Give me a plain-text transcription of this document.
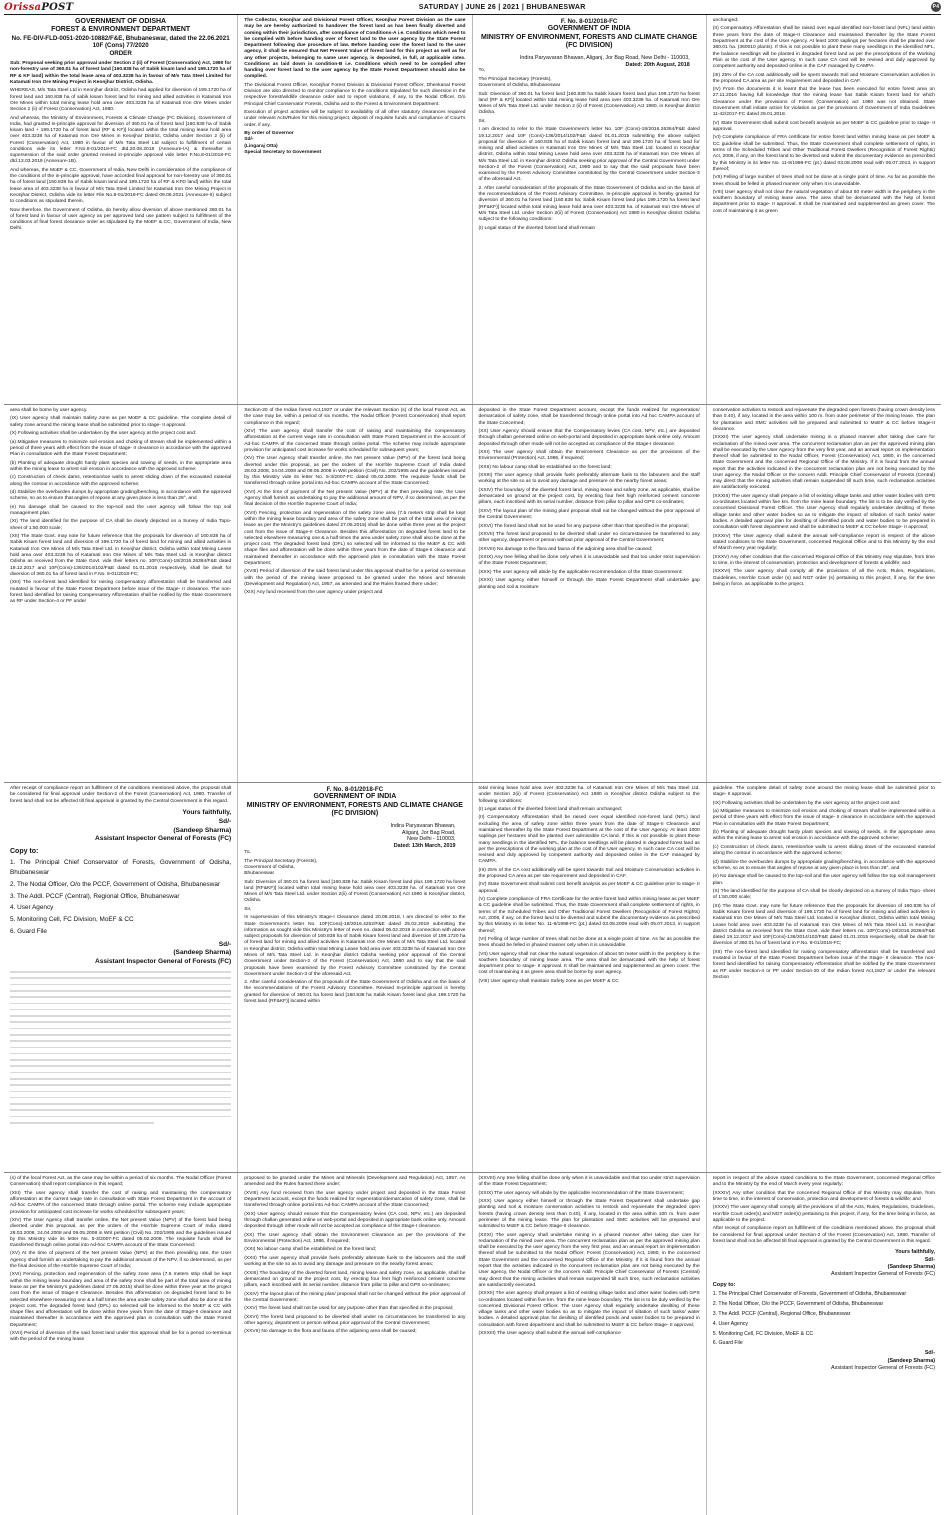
OrissaPOST	SATURDAY | JUNE 26 | 2021 | BHUBANESWAR	P4
GOVERNMENT OF ODISHA
FOREST & ENVIRONMENT DEPARTMENT
No. FE-DIV-FLD-0051-2020-10882/F&E, Bhubaneswar, dated the 22.06.2021 10F (Cons) 77/2020
ORDER

Sub: Proposal seeking prior approval under Section 2 (ii) of Forest (Conservation) Act, 1980 for non-forestry use of 360.01 ha of forest land [160.838 ha of Sabik kisam land and 199.1720 ha of RF & KF land] within the total lease area of 403.3238 ha in favour of M/s Tata Steel Limited for Katamati Iron Ore Mining Project in Keonjhar District, Odisha.

WHEREAS, M/s Tata Steel Ltd in Keonjhar district, Odisha had applied for diversion of 199.1720 ha of forest land and 160.838 ha of sabik kisam forest land for mining and allied activities in Katamati Iron Ore Mines within total mining lease hold area over 403.3238 ha of Katamati Iron Ore Mines under Section 2 (ii) of Forest (Conservation) Act, 1980.

And whereas, the Ministry of Environment, Forests & Climate Change (FC Division), Government of India, had granted in-principle approval for diversion of 360.01 ha of forest land [160.838 ha of Sabik kisam land + 199.1720 ha of forest land (RF & KF)] located within the total mining lease hold area over 403.3238 ha of Katamati Iron Ore Mines in Keonjhar District, Odisha under Section 2 (ii) of Forest (Conservation) Act, 1980 in favour of M/s Tata Steel Ltd subject to fulfillment of certain conditions vide its letter F.No.8-01/2018-FC dtd.20.08.2018 (Annexure-IA) & thereafter in supersession of the said order granted revised in-principle approval vide letter F.No.8-01/2018-FC dtd.13.03.2019 (Annexure-1B).

And whereas, the MoEF & CC, Government of India, New Delhi in consideration of the compliance of the conditions of the in-principle approval, have accorded final approval for non-forestry use of 360.01 ha of forest land [160.838 ha of Sabik kisam land and 199.1720 ha of RF & KFD land] within the total lease area of 403.3238 ha in favour of M/s Tata Steel Limited for Katamati Iron Ore Mining Project in Keonjhar District, Odisha vide its letter File No.8-01/2018-FC dated 09.06.2021 (Annexure-II) subject to conditions as stipulated therein.

Now therefore, the Government of Odisha, do hereby allow diversion of above mentioned 360.01 ha of forest land in favour of user agency as per approved land use pattern subject to fulfillment of the conditions of final forest clearance order as stipulated by the MoEF & CC, Government of India, New Delhi.

The Collector, Keonjhar and Divisional Forest Officer, Keonjhar Forest Division as the case may be are hereby authorized to handover the forest land as has been finally diverted and coming within their jurisdiction, after compliance of Conditions-A i.e. Conditions which need to be complied with before handing over of forest land to the user agency by the State Forest Department following due procedure of law. Before handing over the forest land to the user agency, it shall be ensured that Net Present Value of forest land for this project as well as for any other projects, belonging to same user agency, is deposited, in full, at applicable rates. Conditions as laid down in condition-B i.e. Conditions which need to be complied after handing over forest land to the user agency by the State Forest Department should also be complied.

The Divisional Forest Officer, Keonjhar Forest Division & Divisional Forest Officer, Dhenkanal Forest Division are also directed to monitor compliance to the conditions stipulated for such diversion in the respective forest/wildlife clearance order and to report violations, if any, to the Nodal Officer, O/o Principal Chief Conservator Forests, Odisha and to the Forest & Environment Department.

Execution of project activities will be subject to availability of all other statutory clearances required under relevant Acts/Rules for this mining project, deposit of requisite funds and compliance of Court's order, if any.

By order of Governor

Sd/-

(Lingaraj Otta)

Special Secretary to Government

F. No. 8-01/2018-FC
GOVERNMENT OF INDIA
MINISTRY OF ENVIRONMENT, FORESTS AND CLIMATE CHANGE (FC DIVISION)
Indira Paryavaran Bhawan, Aliganj, Jor Bag Road, New Delhi - 110003,
Dated: 20th August, 2018

To,

The Principal Secretary (Forests),

Government of Odisha, Bhubaneswar

Sub: Diversion of 360.01 ha forest land [160.838 ha Sabik kisam forest land plus 199.1720 ha forest land (RF & KF)] located within total mining lease hold area over 403.3238 ha. of Katamati Iron Ore Mines of M/s Tata Steel Ltd. under Section 2 (ii) of Forest (Conservation) Act 1980, in Keonjhar district Odisha.

Sir,

I am directed to refer to the State Government's letter No. 10F (Cons)-18/2016.26364/F&E dated 19.12.2017 and 10F (Cons)-136/2014/102/F&E dated 01.01.2015 submitting the above subject proposal for diversion of 160.838 ha of Sabik kisam forest land and 199.1720 ha of forest land for mining and allied activities in Katamati Iron Ore Mines of M/s Tata Steel Ltd. located in Keonjhar district, Odisha within total Mining Lease hold area over 403.3238 ha of Katamati Iron Ore Mines of M/s Tata Steel Ltd. in Keonjhar district Odisha seeking prior approval of the Central Government under Section-2 of the Forest (Conservation) Act, 1980 and to say that the said proposals have been examined by the Forest Advisory Committee constituted by the Central Government under Section-3 of the aforesaid Act.

2. After careful consideration of the proposals of the State Government of Odisha and on the basis of the recommendations of the Forest Advisory Committee, In-principle approval is hereby granted for diversion of 360.01 ha forest land [160.838 ha; Sabik Kisam forest land plus 199.1720 ha forest land (RF&KF)] located within total mining lease hold area over 403.3238 ha. of Katamati Iron Ore Mines of M/s Tata Steel Ltd. under Section 2(ii) of Forest (Conservation) Act 1980 in Keonjhar district Odisha subject to the following conditions:

(I) Legal status of the diverted forest land shall remain

unchanged;

(II) Compensatory Afforestation shall be raised over equal identified non-forest land (NFL) land within three years from the date of Stage-II Clearance and maintained thereafter by the State Forest Department at the cost of the User Agency. At least 1000 saplings per hectares shall be planted over 360.01 ha. (360010 plants). If this is not possible to plant these many seedlings in the identified NFL, the balance seedlings will be planted in degraded forest land as per the prescriptions of the Working Plan at the cost of the User agency. In such case CA cost will be revised and duly approved by competent authority and deposited online in the CAF managed by CAMPA.

(III) 25% of the CA cost additionally will be spent towards Soil and Moisture Conservation activities in the proposed CA area as per site requirement and deposited in CAF.

(IV) From the documents it is learnt that the lease has been executed for entire forest area on 27.11.2016 having full knowledge that the mining lease has Sabik Kisam forest land for which Clearance under the provisions of Forest (Conservation) act 1980 was not obtained. State Government shall initiate action for violation as per the provisions of Government of India Guidelines 11-42/2017-FC dated 29.01.2018.

(V) State Government shall submit cost benefit analysis as per MoEF & CC guideline prior to stage- II approval.

(VI) Complete compliance of FRA certificate for entire forest land within mining lease as per MoEF & CC guideline shall be submitted. Thus, the State Government shall complete settlement of rights, in terms of the Scheduled Tribes and Other Traditional Forest Dwellers (Recognition of Forest Rights) Act, 2006, if any, on the forest land to be diverted and submit the documentary evidence as prescribed by this Ministry in its letter No. 11-9/1998-FC (pt.) dated 03.08.2009 read with 05.07.2013, in support thereof;

(VII) Felling of large number of trees shall not be done at a single point of time. As far as possible the trees should be felled in phased manner only when it is unavoidable.

(VIII) User agency shall not clear the natural vegetation of about 50 meter width in the periphery in the southern boundary of mining lease area. The area shall be demarcated with the help of forest department prior to stage- II approval. It shall be maintained and supplemented as green cover. The cost of maintaining it as green

area shall be borne by user agency.

(IX) User agency shall maintain Safety zone as per MoEF & CC guideline. The complete detail of safety zone around the mining lease shall be submitted prior to stage- II approval.

(X) Following activities shall be undertaken by the user agency at the project cost and:

(a) Mitigative measures to minimize soil erosion and choking of stream shall be implemented within a period of three years with effect from the issue of stage- II clearance in accordance with the approved Plan in consultation with the State Forest Department;

(b) Planting of adequate drought hardy plant species and sowing of seeds, in the appropriate area within the mining lease to arrest soil erosion in accordance with the approved scheme;

(c) Construction of check dams, retention/toe walls to arrest sliding down of the excavated material along the contour in accordance with the approved scheme;

(d) Stabilize the overburden dumps by appropriate grading/benching, in accordance with the approved scheme, so as to ensure that angles of repose at any given place is less than 28°, and

(e) No damage shall be caused to the top-soil and the user agency will follow the top soil management plan.

(XI) The land identified for the purpose of CA shall be clearly depicted on a Survey of India Topo- sheet of 1:50,000 scale;

(XII) The State Govt. may note for future reference that the proposals for diversion of 160.838 ha of Sabik Kisam forest land and diversion of 199.1720 ha of forest land for mining and allied activities in Katamati Iron Ore Mines of M/s Tata Steel Ltd. in Keonjhar district, Odisha within total Mining Lease hold area over 403.3238 ha of Katamati Iron Ore Mines of M/s Tata Steel Ltd. in Keonjhar district Odisha as received from the State Govt. vide their letters no. 10F(Cons)-18/2016.26364/F&E dated 19.12.2017 and 10F(Cons)-136/2014/102/F&E dated 01.01.2015 respectively, shall be dealt for diversion of 360.01 ha of forest land in F.No. 8-01/2018-FC;

(XIII) The non-forest land identified for raising compensatory afforestation shall be transferred and mutated in favour of the State Forest Department before issue of the Stage- II clearance. The non-forest land identified for raising Compensatory Afforestation shall be notified by the State Government as RF under Section-4 or PF under

Section-20 of the Indian forest Act,1927 or under the relevant Section (s) of the local Forest Act, as the case may be, within a period of six months. The Nodal Officer (Forest Conservation) shall report compliance in this regard;

(XIV) The user agency shall transfer the cost of raising and maintaining the compensatory afforestation at the current wage rate in consultation with State Forest Department in the account of Ad-hoc CAMPA of the concerned State through online portal. The scheme may include appropriate provision for anticipated cost increase for works scheduled for subsequent years;

(XV) The User Agency shall transfer online, the Net present Value (NPV) of the forest land being diverted under this proposal, as per the orders of the Hon'ble Supreme Court of India dated 28.03.2008, 24.04.2008 and 09.05.2008 in Writ petition (Civil) No. 202/1995 and the guidelines issued by this Ministry vide its letter No. 5-3/2007-FC dated 05.02.2009. The requisite funds shall be transferred through online portal into Ad-hoc CAMPA account of the State Concerned;

(XVI) At the time of payment of the Net present Value (NPV) at the then prevailing rate, the User Agency shall furnish an undertaking to pay the additional amount of NPV, if so determined, as per the final decision of the Hon'ble Supreme Court of India;

(XVII) Fencing, protection and regeneration of the safety zone area (7.5 meters strip shall be kept within the mining lease boundary and area of the safety zone shall be part of the total area of mining lease as per the Ministry's guidelines dated 27.05.2015) shall be done within three year at the project cost from the issue of Stage-II Clearance. Besides this afforestation on degraded forest land to be selected elsewhere measuring one & a half times the area under safety zone shall also be done at the project cost. The degraded forest land (DFL) so selected will be informed to the MoEF & CC with shape files and afforestation will be done within three years from the date of Stage-II clearance and maintained thereafter in accordance with the approved plan in consultation with the State Forest Department;

(XVIII) Period of diversion of the said forest land under this approval shall be for a period co-terminus with the period of the mining lease proposed to be granted under the Mines and Minerals (Development and Regulation) Act, 1957, as amended and the Rules framed there under;

(XIX) Any fund received from the user agency under project and

deposited in the State Forest Department account, except the funds realized for regeneration/ demarcation of safety zone, shall be transferred through online portal into Ad hoc CAMPA account of the State Concerned;

(XX) User Agency should ensure that the Compensatory levies (CA cost, NPV, etc.) are deposited through challan generated online on web-portal and deposited in appropriate bank online only. Amount deposited through other mode will not be accepted as compliance of the Stage-I clearance.

(XXI) The user agency shall obtain the Environment Clearance as per the provisions of the Environmental (Protection) Act, 1986, if required;

(XXII) No labour camp shall be established on the forest land;

(XXIII) The user agency shall provide fuels preferably alternate fuels to the labourers and the staff working at the site so as to avoid any damage and pressure on the nearby forest areas;

(XXIV) The boundary of the diverted forest land, mining lease and safety zone, as applicable, shall be demarcated on ground at the project cost, by erecting four feet high reinforced cement concrete pillars, each inscribed with its serial number, distance from pillar to pillar and GPS co-ordinates;

(XXV) The layout plan of the mining plan/ proposal shall not be changed without the prior approval of the Central Government;

(XXVI) The forest land shall not be used for any purpose other than that specified in the proposal;

(XXVII) The forest land proposed to be diverted shall under no circumstances be transferred to any other agency, department or person without prior approval of the Central Government;

(XXVIII) No damage to the flora and fauna of the adjoining area shall be caused;

(XXIX) Any tree felling shall be done only when it is unavoidable and that too under strict supervision of the State Forest Department;

(XXX) The user agency will abide by the applicable recommendation of the State Government;

(XXXI) User agency either himself or through the State Forest Department shall undertake gap planting and soil & moisture

conservation activities to restock and rejuvenate the degraded open forests (having crown density less than 0.40), if any, located in the area within 100 m. from outer perimeter of the mining lease. The plan for plantation and SMC activities will be prepared and submitted to MoEF & CC before Stage-II clearance.

(XXXII) The user agency shall undertake mining in a phased manner after taking due care for reclamation of the mined over area. The concurrent reclamation plan as per the approved mining plan shall be executed by the User Agency from the very first year, and an annual report on implementation thereof shall be submitted to the Nodal Officer, Forest (Conservation) Act, 1980, in the concerned State Government and the concerned Regional Office of the Ministry. If it is found from the annual report that the activities indicated in the concurrent reclamation plan are not being executed by the User agency, the Nodal Officer or the concern Addl. Principle Chief Conservator of Forests (Central) may direct that the mining activities shall remain suspended till such time, such reclamation activities are satisfactorily executed.

(XXXIII) The user agency shall prepare a list of existing village tanks and other water bodies with GPS co-ordinates located within five km. from the mine lease boundary. The list is to be duly verified by the concerned Divisional Forest Officer. The User Agency shall regularly undertake desilting of these village tanks and other water bodies so as to mitigate the impact of siltation of such tanks/ water bodies. A detailed approval plan for desilting of identified ponds and water bodies to be prepared in consultation with forest department and shall be submitted to MoEF & CC before Stage- II approval;

(XXXIV) The User agency shall submit the annual self-compliance report in respect of the above stated conditions to the State Government, concerned Regional Office and to this Ministry by the end of March every year regularly;

(XXXV) Any other condition that the concerned Regional Office of this Ministry may stipulate, from time to time, in the interest of conservation, protection and development of forests & wildlife; and

(XXXVI) The user agency shall comply all the provisions of all the Acts, Rules, Regulations, Guidelines, Hon'ble Court order (s) and NGT order (s) pertaining to this project, if any, for the time being in force, as applicable to the project.

After receipt of compliance report on fulfillment of the conditions mentioned above, the proposal shall be considered for final approval under Section-2 of the Forest (Conservation) Act, 1980. Transfer of forest land shall not be affected till final approval is granted by the Central Government in this regard.

Yours faithfully,
Sd/-
(Sandeep Sharma)
Assistant Inspector General of Forests (FC)
Copy to:

1. The Principal Chief Conservator of Forests, Government of Odisha, Bhubaneswar

2. The Nodal Officer, O/o the PCCF, Government of Odisha, Bhubaneswar

3. The Addl. PCCF (Central), Regional Office, Bhubaneswar

4. User Agency

5. Monitoring Cell, FC Division, MoEF & CC

6. Guard File

Sd/-
(Sandeep Sharma)
Assistant Inspector General of Forests (FC)
F. No. 8-01/2018-FC
GOVERNMENT OF INDIA
MINISTRY OF ENVIRONMENT, FORESTS AND CLIMATE CHANGE (FC DIVISION)
Indira Paryavaran Bhawan,
Aliganj, Jor Bag Road,
New Delhi - 110003,
Dated: 13th March, 2019

To,

The Principal Secretary (Forests),

Government of Odisha,

Bhubaneswar

Sub: Diversion of 360.01 ha forest land [160.838 ha: Sabik Kisam forest land plus 199.1720 ha forest land (RF&KF)] located within total mining lease hold area over 403.3238 ha. of Katamati Iron Ore Mines of M/s Tata Steel Ltd. under Section 2(ii) of Forest (Conservation) Act 1980 in Keonjhar district, Odisha.

Sir,

In supersession of this Ministry's Stage-I Clearance dated 20.08.2018, I am directed to refer to the State Government's letter No. 10F(Cons)-18/2016.4252/F&E dated 25.02.2019 submitting the information as sought vide this Ministry's letter of even no. dated 06.02.2019 in connection with above subject proposals for diversion of 160.838 ha of Sabik Kisam forest land and diversion of 199.1720 ha of forest land for mining and allied activities in Katamati Iron Ore Mines of M/s Tata Steel Ltd. located in Keonjhar district, Odisha within total Mining Lease hold area over 403.3238 ha of Katamati Iron Ore Mines of M/s Tata Steel Ltd. in Keonjhar district Odisha seeking prior approval of the Central Government under Section-2 of the Forest (Conservation) Act, 1980 and to say that the said proposals have been examined by the Forest Advisory Committee constituted by the Central Government under Section-3 of the aforesaid Act.

2. After careful consideration of the proposals of the State Government of Odisha and on the basis of the recommendations of the Forest Advisory Committee, Revised In-principle approval is hereby granted for diversion of 360.01 ha forest land [160.838 ha Sabik Kisam forest land plus 199.1720 ha forest land (RF&KF)] located within

total mining lease hold area over 403.3238 ha. of Katamati Iron Ore Mines of M/s Tata Steel Ltd. under Section 2(ii) of Forest (Conservation) Act 1980 in Keonjhar district Odisha subject to the following conditions:

(I) Legal status of the diverted forest land shall remain unchanged;

(II) Compensatory Afforestation shall be raised over equal identified non-forest land (NFL) land excluding the area of safety zone within three years from the date of Stage-II Clearance and maintained thereafter by the State Forest Department at the cost of the User Agency. At least 1000 saplings per hectares shall be planted over admissible CA land. If this is not possible to plant these many seedlings in the identified NFL, the balance seedlings will be planted in degraded forest land as per the prescriptions of the working plan at the cost of the User agency. In such case CA cost will be revised and duly approved by competent authority and deposited online in the CAF managed by CAMPA.

(III) 25% of the CA cost additionally will be spent towards Soil and Moisture Conservation activities in the proposed CA area as per site requirement and deposited in CAF.

(IV) State Government shall submit cost benefit analysis as per MoEF & CC guideline prior to stage- II approval.

(V) Complete compliance of FRA Certificate for the entire forest land within mining lease as per MoEF & CC guideline shall be submitted. Thus, the State Government shall complete settlement of rights, in terms of the Scheduled Tribes and Other Traditional Forest Dwellers (Recognition of Forest Rights) Act, 2006, if any, on the forest land to be diverted and submit the documentary evidence as prescribed by this Ministry in its letter No. 11-9/1998-FC (pt.) dated 03.08.2009 read with 05.07.2013, in support thereof;

(VI) Felling of large number of trees shall not be done at a single point of time. As far as possible the trees should be felled in phased manner only when it is unavoidable.

(VII) User agency shall not clear the natural vegetation of about 50 meter width in the periphery in the southern boundary of mining lease area. The area shall be demarcated with the help of forest department prior to stage- II approval. It shall be maintained and supplemented as green cover. The cost of maintaining it as green area shall be borne by user agency.

(VIII) User agency shall maintain Safety zone as per MoEF & CC

guideline. The complete detail of safety zone around the mining lease shall be submitted prior to stage- II approval.

(IX) Following activities shall be undertaken by the user agency at the project cost and:

(a) Mitigative measures to minimize soil erosion and choking of stream shall be implemented within a period of three years with effect from the issue of stage- II clearance in accordance with the approved Plan in consultation with the State Forest Department;

(b) Planting of adequate drought hardy plant species and sowing of seeds, in the appropriate area within the mining lease to arrest soil erosion in accordance with the approved scheme;

(c) Construction of check dams, retention/toe walls to arrest sliding down of the excavated material along the contour in accordance with the approved scheme;

(d) Stabilize the overburden dumps by appropriate grading/benching, in accordance with the approved scheme, so as to ensure that angles of repose at any given place is less than 28°, and

(e) No damage shall be caused to the top-soil and the user agency will follow the top soil management plan.

(X) The land identified for the purpose of CA shall be clearly depicted on a Survey of India Topo- sheet of 1:50,000 scale;

(XI) The State Govt. may note for future reference that the proposals for diversion of 160.838 ha of Sabik Kisam forest land and diversion of 199.1720 ha of forest land for mining and allied activities in Katamati Iron Ore Mines of M/s Tata Steel Ltd. located in Keonjhar district, Odisha within total Mining Lease hold area over 403.3238 ha of Katamati Iron Ore Mines of M/s Tata Steel Ltd. in Keonjhar district Odisha as received from the State Govt. vide their letters no. 10F(Cons)-18/2016.26364/F&E dated 19.12.2017 and 10F(Cons)-136/2014/102/F&E dated 01.01.2015 respectively, shall be dealt for diversion of 360.01 ha of forest land in F.No. 8-01/2018-FC;

(XII) The non-forest land identified for raising compensatory afforestation shall be transferred and mutated in favour of the State Forest Department before issue of the Stage- II clearance. The non-forest land identified for raising Compensatory Afforestation shall be notified by the State Government as RF under Section-4 or PF under Section-20 of the Indian forest Act,1927 or under the relevant Section

(s) of the local Forest Act, as the case may be within a period of six months. The Nodal Officer (Forest Conservation) shall report compliance in this regard;

(XIII) The user agency shall transfer the cost of raising and maintaining the compensatory afforestation at the current wage rate in consultation with State Forest Department in the account of Ad-hoc CAMPA of the concerned State through online portal. The scheme may include appropriate provision for anticipated cost increase for works scheduled for subsequent years;

(XIV) The User Agency shall transfer online, the Net present Value (NPV) of the forest land being diverted under this proposal, as per the orders of the Hon'ble Supreme Court of India dated 28.03.2008, 24.04.2008 and 09.05.2008 in Writ petition (Civil) No. 202/1995 and the guidelines issued by this Ministry vide its letter No. 5-3/2007-FC dated 05.02.2009. The requisite funds shall be transferred through online portal into Ad-hoc CAMPA account of the State Concerned;

(XV) At the time of payment of the Net present Value (NPV) at the then prevailing rate, the User Agency shall furnish an undertaking to pay the additional amount of the NPV, if so determined, as per the final decision of the Hon'ble Supreme Court of India;

(XVI) Fencing, protection and regeneration of the safety zone area (7.5 meters strip shall be kept within the mining lease boundary and area of the safety zone shall be part of the total area of mining lease as per the Ministry's guidelines dated 27.05.2015) shall be done within three year at the project cost from the issue of Stage-II Clearance. Besides this afforestation on degraded forest land to be selected elsewhere measuring one & a half times the area under safety zone shall also be done at the project cost. The degraded forest land (DFL) so selected will be informed to the MoEF & CC with shape files and afforestation will be done within three years from the date of Stage-II clearance and maintained thereafter in accordance with the approved plan in consultation with the State Forest Department;

(XVII) Period of diversion of the said forest land under this approval shall be for a period co-terminus with the period of the mining lease

proposed to be granted under the Mines and Minerals (Development and Regulation) Act, 1957. As amended and the Rules framed there under;

(XVIII) Any fund received from the user agency under project and deposited in the State Forest Department account, except the funds realized for regeneration/demarcation of safety zone, shall be transferred through online portal into Ad-hoc CAMPA account of the State Concerned;

(XIX) User agency should ensure that the Compensatory levies (CA cost, NPV, etc.) are deposited through challan generated online on web-portal and deposited in appropriate bank online only. Amount deposited through other mode will not be accepted as compliance of the Stage-I clearance.

(XX) The User agency shall obtain the Environment Clearance as per the provisions of the Environmental (Protection) Act, 1986, if required;

(XXI) No labour camp shall be established on the forest land;

(XXII) The user agency shall provide fuels preferably alternate fuels to the labourers and the staff working at the site so as to avoid any damage and pressure on the nearby forest areas;

(XXIII) The boundary of the diverted forest land, mining lease and safety zone, as applicable, shall be demarcated on ground at the project cost, by erecting four feet high reinforced cement concrete pillars, each inscribed with its serial number, distance from pillar to pillar and GPS co-ordinates;

(XXIV) The layout plan of the mining plan/ proposal shall not be changed without the prior approval of the Central Government;

(XXV) The forest land shall not be used for any purpose other than that specified in the proposal;

(XXVI) The forest land proposed to be diverted shall under no circumstances be transferred to any other agency, department or person without prior approval of the Central Government;

(XXVII) No damage to the flora and fauna of the adjoining area shall be caused;

(XXVIII) Any tree felling shall be done only when it is unavoidable and that too under strict supervision of the State Forest Department;

(XXIX) The user agency will abide by the applicable recommendation of the State Government;

(XXX) User agency either himself or through the State Forest Department shall undertake gap planting and soil & moisture conservation activities to restock and rejuvenate the degraded open forests (having crown density less than 0.40), if any, located in the area within 100 m. from outer perimeter of the mining lease. The plan for plantation and SMC activities will be prepared and submitted to MoEF & CC before Stage-II clearance.

(XXXI) The user agency shall undertake mining in a phased manner after taking due care for reclamation of the mined over area. The concurrent reclamation plan as per the approved mining plan shall be executed by the user agency from the very first year, and an annual report on implementation thereof shall be submitted to the Nodal Officer, Forest (Conservation) Act, 1980, in the concerned State Government and the concerned Regional Office of the Ministry. If it is found from the annual report that the activities indicated in the concurrent reclamation plan are not being executed by the User agency, the Nodal Officer or the concern Addl. Principle Chief Conservator of Forests (Central) may direct that the mining activities shall remain suspended till such time, such reclamation activities are satisfactorily executed.

(XXXII) The user agency shall prepare a list of existing village tanks and other water bodies with GPS co-ordinates located within five km. from the mine lease boundary. The list is to be duly verified by the concerned Divisional Forest Officer. The User Agency shall regularly undertake desilting of these village tanks and other water bodies so as to mitigate the impact of siltation of such tanks/ water bodies. A detailed approval plan for desilting of identified ponds and water bodies to be prepared in consultation with forest department and shall be submitted to MoEF & CC before Stage- II approval;

(XXXIII) The User agency shall submit the annual self-compliance

report in respect of the above stated conditions to the State Government, concerned Regional Office and to the Ministry by the end of March every year regularly;

(XXXIV) Any other condition that the concerned Regional Office of this Ministry may stipulate, from time to time, in the interest of conservation, protection and development of forests & wildlife; and

(XXXV) The user agency shall comply all the provisions of all the Acts, Rules, Regulations, Guidelines, Hon'ble Court order(s) and NGT order(s) pertaining to this project, if any, for the time being in force, as applicable to the project.

After receipt of compliance report on fulfillment of the conditions mentioned above, the proposal shall be considered for final approval under Section-2 of the Forest (Conservation) Act, 1980. Transfer of forest land shall not be affected till final approval is granted by the Central Government in this regard.

Yours faithfully,
Sd/-
(Sandeep Sharma)
Assistant Inspector General of Forests (FC)
Copy to:

1. The Principal Chief Conservator of Forests, Government of Odisha, Bhubaneswar

2. The Nodal Officer, O/o the PCCF, Government of Odisha, Bhubaneswar

3. The Addl. PCCF (Central), Regional Office, Bhubaneswar

4. User Agency

5. Monitoring Cell, FC Division, MoEF & CC

6. Guard File

Sd/-
(Sandeep Sharma)
Assistant Inspector General of Forests (FC)
